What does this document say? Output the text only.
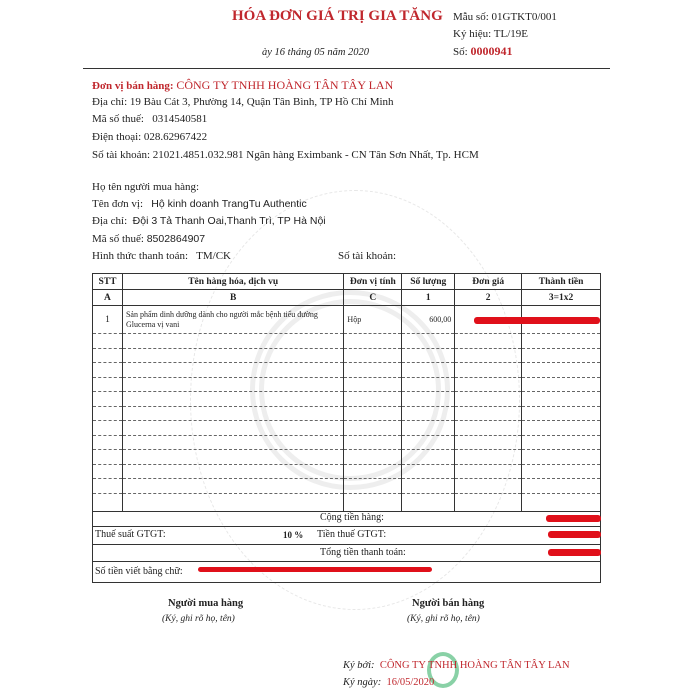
HÓA ĐƠN GIÁ TRỊ GIA TĂNG
ày 16 tháng 05 năm 2020
Mẫu số: 01GTKT0/001
Ký hiệu: TL/19E
Số: 0000941
Đơn vị bán hàng: CÔNG TY TNHH HOÀNG TÂN TÂY LAN
Địa chỉ: 19 Bàu Cát 3, Phường 14, Quận Tân Bình, TP Hồ Chí Minh
Mã số thuế: 0314540581
Điện thoại: 028.62967422
Số tài khoản: 21021.4851.032.981 Ngân hàng Eximbank - CN Tân Sơn Nhất, Tp. HCM
Họ tên người mua hàng:
Tên đơn vị: Hộ kinh doanh TrangTu Authentic
Địa chỉ: Đội 3 Tả Thanh Oai,Thanh Trì, TP Hà Nội
Mã số thuế: 8502864907
Hình thức thanh toán: TM/CK	Số tài khoản:
STT	Tên hàng hóa, dịch vụ	Đơn vị tính	Số lượng	Đơn giá	Thành tiền
A	B	C	1	2	3=1x2
1	Sản phẩm dinh dưỡng dành cho người mắc bệnh tiểu đường Glucerna vị vani	Hộp	600,00		

Cộng tiền hàng:
Thuế suất GTGT:	10 % Tiền thuế GTGT:
Tổng tiền thanh toán:
Số tiền viết bằng chữ:
Người mua hàng
(Ký, ghi rõ họ, tên)
Người bán hàng
(Ký, ghi rõ họ, tên)
Ký bởi: CÔNG TY TNHH HOÀNG TÂN TÂY LAN
Ký ngày: 16/05/2020
